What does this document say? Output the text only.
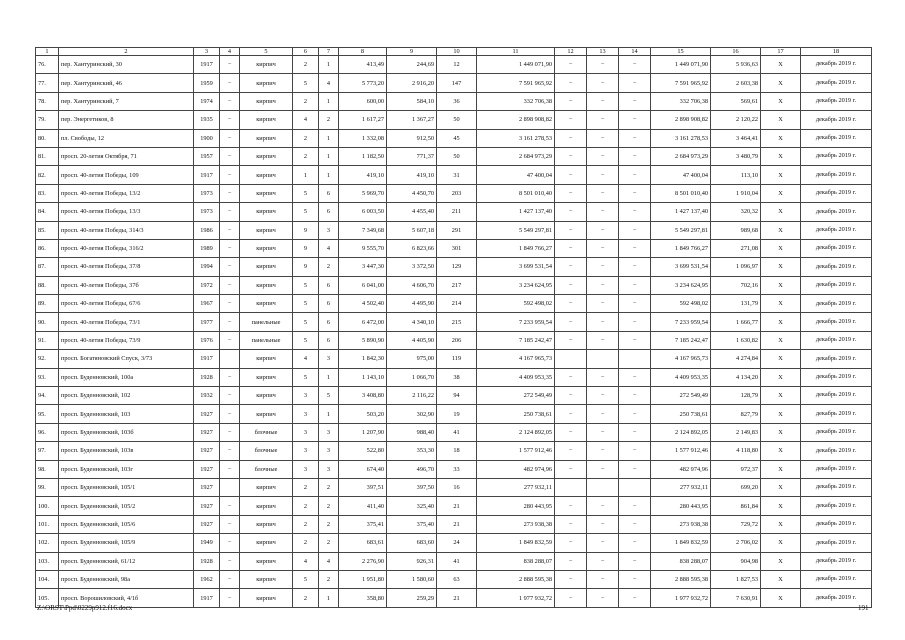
1	2	3	4	5	6	7	8	9	10	11	12	13	14	15	16	17	18
76.	пер. Хантуринский, 30	1917	−	кирпич	2	1	413,49	244,69	12	1 449 071,90	−	−	−	1 449 071,90	5 936,63	X	декабрь 2019 г.
77.	пер. Хантуринский, 46	1959	−	кирпич	5	4	5 773,20	2 916,20	147	7 591 965,92	−	−	−	7 591 965,92	2 603,38	X	декабрь 2019 г.
78.	пер. Хантуринский, 7	1974	−	кирпич	2	1	600,00	584,10	36	332 706,38	−	−	−	332 706,38	569,61	X	декабрь 2019 г.
79.	пер. Энергетиков, 8	1935	−	кирпич	4	2	1 617,27	1 367,27	50	2 898 908,82	−	−	−	2 898 908,82	2 120,22	X	декабрь 2019 г.
80.	пл. Свободы, 12	1900	−	кирпич	2	1	1 332,08	912,50	45	3 161 278,53	−	−	−	3 161 278,53	3 464,41	X	декабрь 2019 г.
81.	просп. 20-летия Октября, 71	1957	−	кирпич	2	1	1 182,50	771,37	50	2 684 973,29	−	−	−	2 684 973,29	3 480,79	X	декабрь 2019 г.
82.	просп. 40-летия Победы, 109	1917	−	кирпич	1	1	419,10	419,10	31	47 400,04	−	−	−	47 400,04	113,10	X	декабрь 2019 г.
83.	просп. 40-летия Победы, 13/2	1973	−	кирпич	5	6	5 969,70	4 450,70	203	8 501 010,40	−	−	−	8 501 010,40	1 910,04	X	декабрь 2019 г.
84.	просп. 40-летия Победы, 13/3	1973	−	кирпич	5	6	6 003,50	4 455,40	211	1 427 137,40	−	−	−	1 427 137,40	320,32	X	декабрь 2019 г.
85.	просп. 40-летия Победы, 314/3	1986	−	кирпич	9	3	7 349,68	5 607,18	291	5 549 297,81	−	−	−	5 549 297,81	989,68	X	декабрь 2019 г.
86.	просп. 40-летия Победы, 316/2	1989	−	кирпич	9	4	9 555,70	6 823,66	301	1 849 766,27	−	−	−	1 849 766,27	271,08	X	декабрь 2019 г.
87.	просп. 40-летия Победы, 37/8	1994	−	кирпич	9	2	3 447,30	3 372,50	129	3 699 531,54	−	−	−	3 699 531,54	1 096,97	X	декабрь 2019 г.
88.	просп. 40-летия Победы, 37б	1972	−	кирпич	5	6	6 041,00	4 606,70	217	3 234 624,95	−	−	−	3 234 624,95	702,16	X	декабрь 2019 г.
89.	просп. 40-летия Победы, 67/6	1967	−	кирпич	5	6	4 502,40	4 495,90	214	592 498,02	−	−	−	592 498,02	131,79	X	декабрь 2019 г.
90.	просп. 40-летия Победы, 73/1	1977	−	панельные	5	6	6 472,00	4 340,10	215	7 233 959,54	−	−	−	7 233 959,54	1 666,77	X	декабрь 2019 г.
91.	просп. 40-летия Победы, 73/9	1976	−	панельные	5	6	5 890,90	4 405,90	206	7 185 242,47	−	−	−	7 185 242,47	1 630,82	X	декабрь 2019 г.
92.	просп. Богатяновский Спуск, 3/73	1917		кирпич	4	3	1 842,30	975,00	119	4 167 965,73				4 167 965,73	4 274,84	X	декабрь 2019 г.
93.	просп. Буденновский, 100а	1928	−	кирпич	5	1	1 143,10	1 066,70	38	4 409 953,35	−	−	−	4 409 953,35	4 134,20	X	декабрь 2019 г.
94.	просп. Буденновский, 102	1932	−	кирпич	3	5	3 408,80	2 116,22	94	272 549,49	−	−	−	272 549,49	128,79	X	декабрь 2019 г.
95.	просп. Буденновский, 103	1927	−	кирпич	3	1	503,20	302,90	19	250 738,61	−	−	−	250 738,61	827,79	X	декабрь 2019 г.
96.	просп. Буденновский, 103б	1927	−	блочные	3	3	1 207,90	988,40	41	2 124 892,05	−	−	−	2 124 892,05	2 149,83	X	декабрь 2019 г.
97.	просп. Буденновский, 103в	1927	−	блочные	3	3	522,80	353,30	18	1 577 912,46	−	−	−	1 577 912,46	4 118,80	X	декабрь 2019 г.
98.	просп. Буденновский, 103г	1927	−	блочные	3	3	674,40	496,70	33	482 974,96	−	−	−	482 974,96	972,37	X	декабрь 2019 г.
99.	просп. Буденновский, 105/1	1927		кирпич	2	2	397,51	397,50	16	277 932,11				277 932,11	699,20	X	декабрь 2019 г.
100.	просп. Буденновский, 105/2	1927	−	кирпич	2	2	411,40	325,40	21	280 443,95	−	−	−	280 443,95	861,84	X	декабрь 2019 г.
101.	просп. Буденновский, 105/6	1927	−	кирпич	2	2	375,41	375,40	21	273 938,38	−	−	−	273 938,38	729,72	X	декабрь 2019 г.
102.	просп. Буденновский, 105/9	1949	−	кирпич	2	2	683,61	683,60	24	1 849 832,59	−	−	−	1 849 832,59	2 706,02	X	декабрь 2019 г.
103.	просп. Буденновский, 61/12	1928	−	кирпич	4	4	2 276,90	926,31	41	838 288,07	−	−	−	838 288,07	904,98	X	декабрь 2019 г.
104.	просп. Буденновский, 98а	1962	−	кирпич	5	2	1 951,80	1 580,60	63	2 888 595,38	−	−	−	2 888 595,38	1 827,53	X	декабрь 2019 г.
105.	просп. Ворошиловский, 4/1б	1917	−	кирпич	2	1	358,80	259,29	21	1 977 932,72	−	−	−	1 977 932,72	7 630,91	X	декабрь 2019 г.
Z:\ORST\Ppd\0229p912.f16.docx	191
